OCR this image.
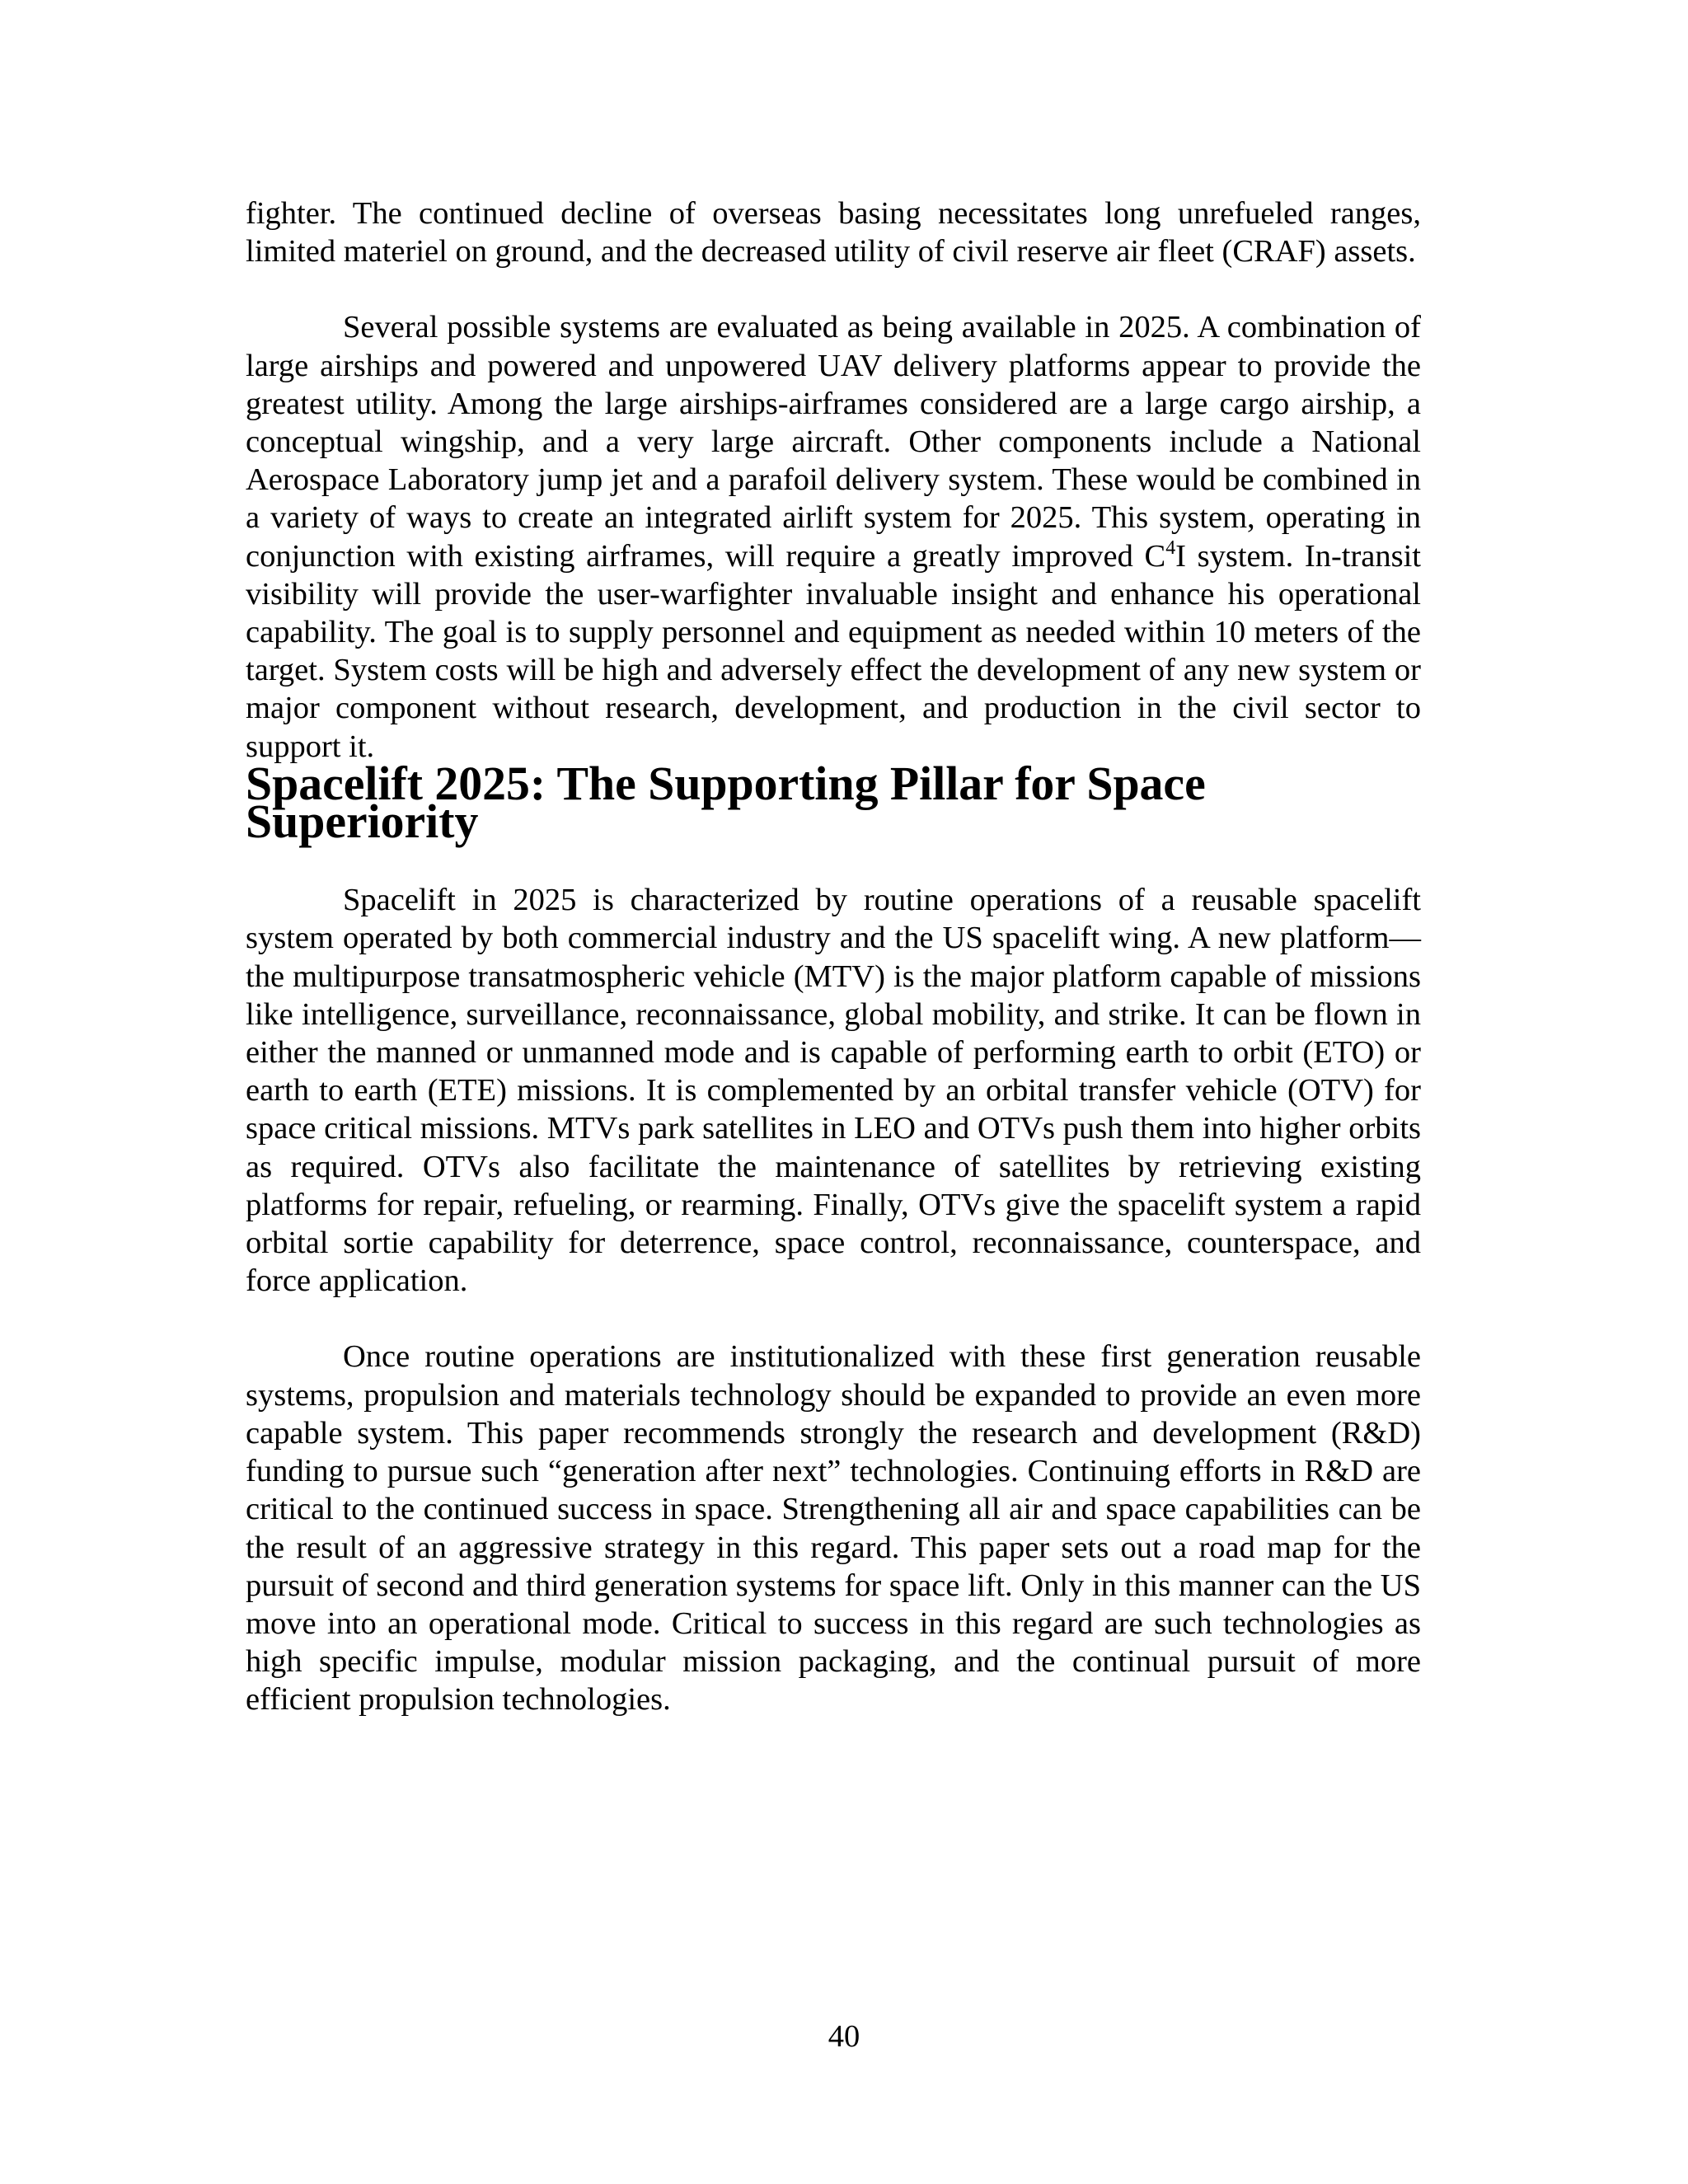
fighter. The continued decline of overseas basing necessitates long unrefueled ranges, limited materiel on ground, and the decreased utility of civil reserve air fleet (CRAF) assets.

Several possible systems are evaluated as being available in 2025. A combination of large airships and powered and unpowered UAV delivery platforms appear to provide the greatest utility. Among the large airships-airframes considered are a large cargo airship, a conceptual wingship, and a very large aircraft. Other components include a National Aerospace Laboratory jump jet and a parafoil delivery system. These would be combined in a variety of ways to create an integrated airlift system for 2025. This system, operating in conjunction with existing airframes, will require a greatly improved $C^4I$ system. In-transit visibility will provide the user-warfighter invaluable insight and enhance his operational capability. The goal is to supply personnel and equipment as needed within 10 meters of the target. System costs will be high and adversely effect the development of any new system or major component without research, development, and production in the civil sector to support it.

Spacelift 2025: The Supporting Pillar for Space Superiority

Spacelift in 2025 is characterized by routine operations of a reusable spacelift system operated by both commercial industry and the US spacelift wing. A new platform—the multipurpose transatmospheric vehicle (MTV) is the major platform capable of missions like intelligence, surveillance, reconnaissance, global mobility, and strike. It can be flown in either the manned or unmanned mode and is capable of performing earth to orbit (ETO) or earth to earth (ETE) missions. It is complemented by an orbital transfer vehicle (OTV) for space critical missions. MTVs park satellites in LEO and OTVs push them into higher orbits as required. OTVs also facilitate the maintenance of satellites by retrieving existing platforms for repair, refueling, or rearming. Finally, OTVs give the spacelift system a rapid orbital sortie capability for deterrence, space control, reconnaissance, counterspace, and force application.

Once routine operations are institutionalized with these first generation reusable systems, propulsion and materials technology should be expanded to provide an even more capable system. This paper recommends strongly the research and development (R&D) funding to pursue such “generation after next” technologies. Continuing efforts in R&D are critical to the continued success in space. Strengthening all air and space capabilities can be the result of an aggressive strategy in this regard. This paper sets out a road map for the pursuit of second and third generation systems for space lift. Only in this manner can the US move into an operational mode. Critical to success in this regard are such technologies as high specific impulse, modular mission packaging, and the continual pursuit of more efficient propulsion technologies.

40
